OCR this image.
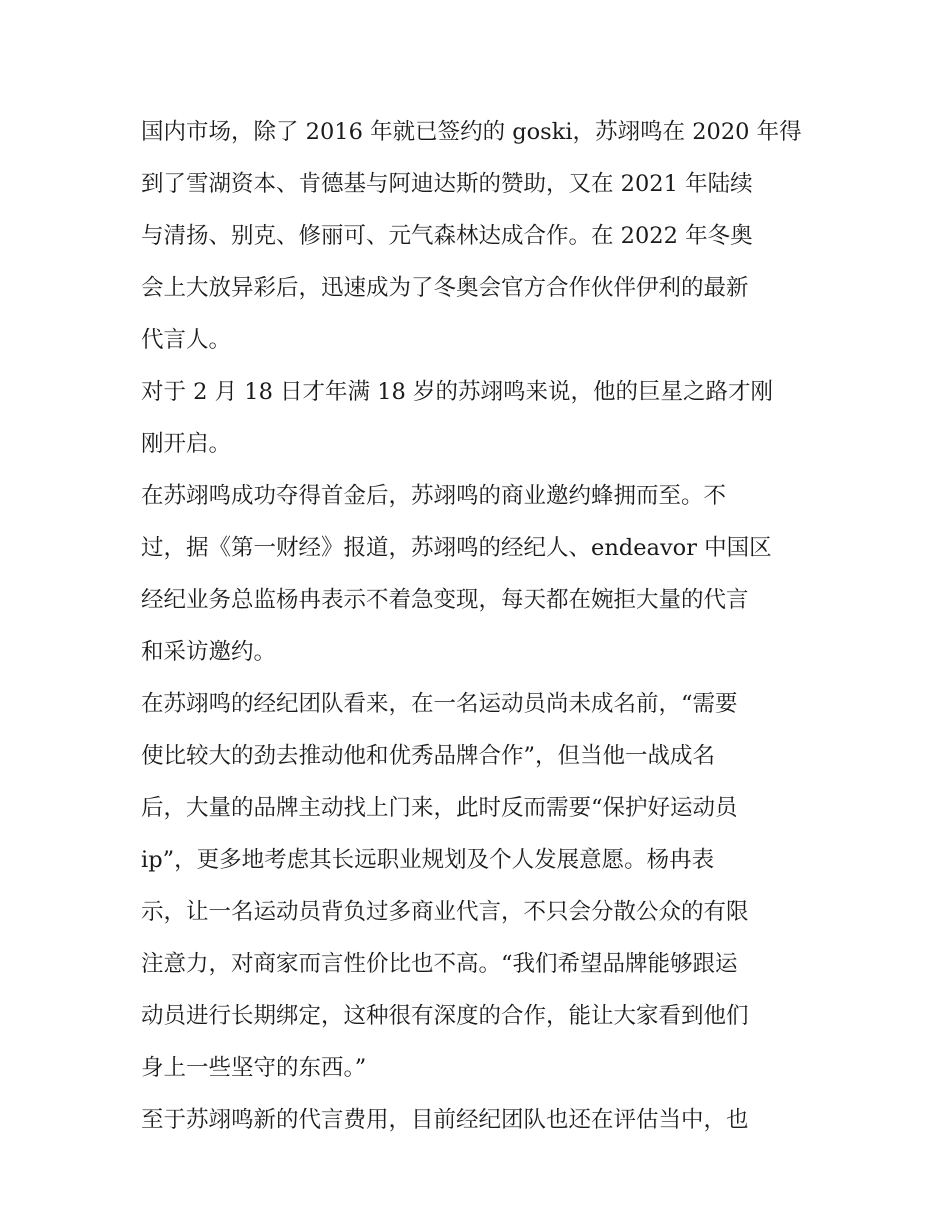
国内市场，除了 2016 年就已签约的 goski，苏翊鸣在 2020 年得
到了雪湖资本、肯德基与阿迪达斯的赞助，又在 2021 年陆续
与清扬、别克、修丽可、元气森林达成合作。在 2022 年冬奥
会上大放异彩后，迅速成为了冬奥会官方合作伙伴伊利的最新
代言人。
对于 2 月 18 日才年满 18 岁的苏翊鸣来说，他的巨星之路才刚
刚开启。
在苏翊鸣成功夺得首金后，苏翊鸣的商业邀约蜂拥而至。不
过，据《第一财经》报道，苏翊鸣的经纪人、endeavor 中国区
经纪业务总监杨冉表示不着急变现，每天都在婉拒大量的代言
和采访邀约。
在苏翊鸣的经纪团队看来，在一名运动员尚未成名前，“需要
使比较大的劲去推动他和优秀品牌合作”，但当他一战成名
后，大量的品牌主动找上门来，此时反而需要“保护好运动员
ip”，更多地考虑其长远职业规划及个人发展意愿。杨冉表
示，让一名运动员背负过多商业代言，不只会分散公众的有限
注意力，对商家而言性价比也不高。“我们希望品牌能够跟运
动员进行长期绑定，这种很有深度的合作，能让大家看到他们
身上一些坚守的东西。”
至于苏翊鸣新的代言费用，目前经纪团队也还在评估当中，也
